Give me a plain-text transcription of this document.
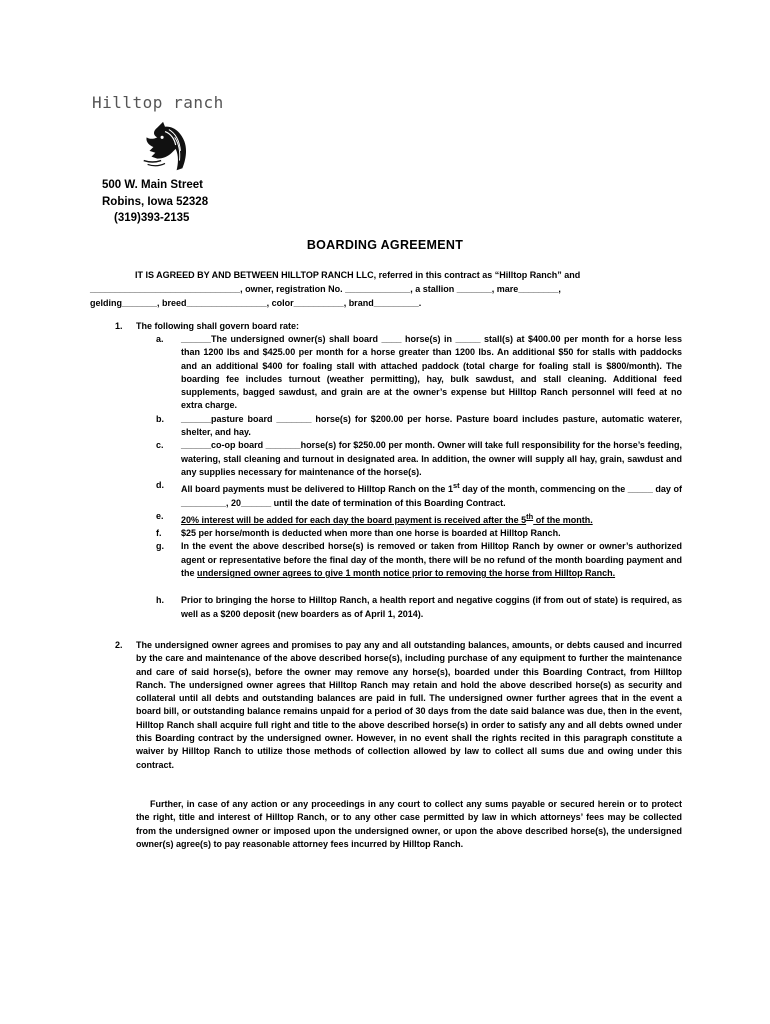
Hilltop ranch
500 W. Main Street
Robins, Iowa 52328
(319)393-2135
BOARDING AGREEMENT
IT IS AGREED BY AND BETWEEN HILLTOP RANCH LLC, referred in this contract as “Hilltop Ranch” and
______________________________, owner, registration No. _____________, a stallion _______, mare________,
gelding_______, breed________________, color__________, brand_________.
1. The following shall govern board rate:
a. ______The undersigned owner(s) shall board ____ horse(s) in _____ stall(s) at $400.00 per month for a horse less than 1200 lbs and $425.00 per month for a horse greater than 1200 lbs. An additional $50 for stalls with paddocks and an additional $400 for foaling stall with attached paddock (total charge for foaling stall is $800/month). The boarding fee includes turnout (weather permitting), hay, bulk sawdust, and stall cleaning. Additional feed supplements, bagged sawdust, and grain are at the owner’s expense but Hilltop Ranch personnel will feed at no extra charge.
b. ______pasture board _______ horse(s) for $200.00 per horse. Pasture board includes pasture, automatic waterer, shelter, and hay.
c. ______co-op board _______horse(s) for $250.00 per month. Owner will take full responsibility for the horse’s feeding, watering, stall cleaning and turnout in designated area. In addition, the owner will supply all hay, grain, sawdust and any supplies necessary for maintenance of the horse(s).
d. All board payments must be delivered to Hilltop Ranch on the 1st day of the month, commencing on the _____ day of _________, 20______ until the date of termination of this Boarding Contract.
e. 20% interest will be added for each day the board payment is received after the 5th of the month.
f. $25 per horse/month is deducted when more than one horse is boarded at Hilltop Ranch.
g. In the event the above described horse(s) is removed or taken from Hilltop Ranch by owner or owner’s authorized agent or representative before the final day of the month, there will be no refund of the month boarding payment and the undersigned owner agrees to give 1 month notice prior to removing the horse from Hilltop Ranch.
h. Prior to bringing the horse to Hilltop Ranch, a health report and negative coggins (if from out of state) is required, as well as a $200 deposit (new boarders as of April 1, 2014).
2.	The undersigned owner agrees and promises to pay any and all outstanding balances, amounts, or debts caused and incurred by the care and maintenance of the above described horse(s), including purchase of any equipment to further the maintenance and care of said horse(s), before the owner may remove any horse(s), boarded under this Boarding Contract, from Hilltop Ranch. The undersigned owner agrees that Hilltop Ranch may retain and hold the above described horse(s) as security and collateral until all debts and outstanding balances are paid in full. The undersigned owner further agrees that in the event a board bill, or outstanding balance remains unpaid for a period of 30 days from the date said balance was due, then in the event, Hilltop Ranch shall acquire full right and title to the above described horse(s) in order to satisfy any and all debts owned under this Boarding contract by the undersigned owner. However, in no event shall the rights recited in this paragraph constitute a waiver by Hilltop Ranch to utilize those methods of collection allowed by law to collect all sums due and owing under this contract.
Further, in case of any action or any proceedings in any court to collect any sums payable or secured herein or to protect the right, title and interest of Hilltop Ranch, or to any other case permitted by law in which attorneys’ fees may be collected from the undersigned owner or imposed upon the undersigned owner, or upon the above described horse(s), the undersigned owner(s) agree(s) to pay reasonable attorney fees incurred by Hilltop Ranch.
